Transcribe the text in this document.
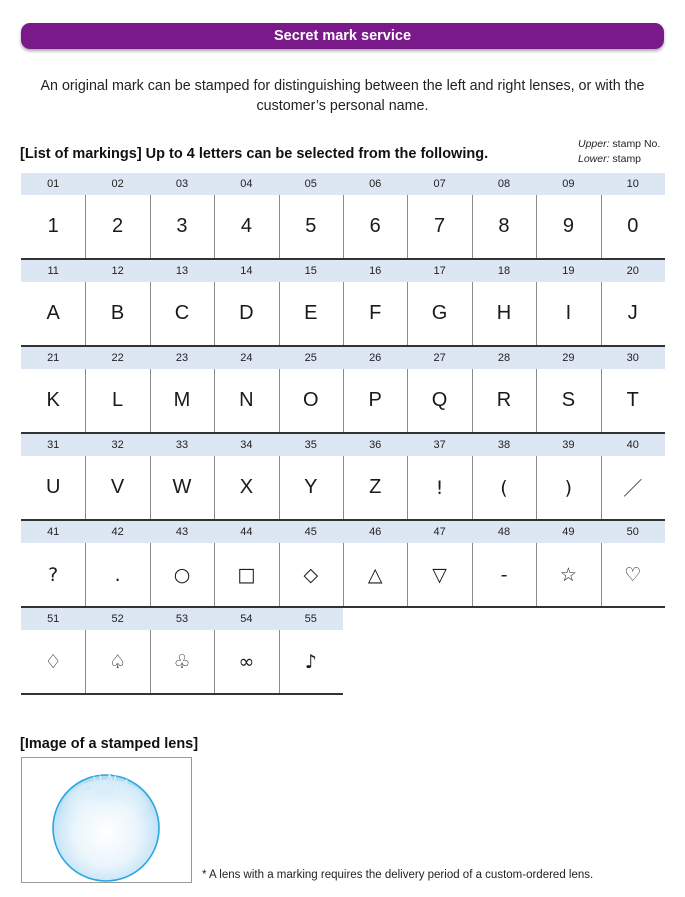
Secret mark service
An original mark can be stamped for distinguishing between the left and right lenses, or with the customer’s personal name.
[List of markings] Up to 4 letters can be selected from the following.
Upper: stamp No.
Lower: stamp
01
1
02
2
03
3
04
4
05
5
06
6
07
7
08
8
09
9
10
0
11
A
12
B
13
C
14
D
15
E
16
F
17
G
18
H
19
I
20
J
21
K
22
L
23
M
24
N
25
O
26
P
27
Q
28
R
29
S
30
T
31
U
32
V
33
W
34
X
35
Y
36
Z
37
!
38
(
39
)
40
／
41
?
42
.
43
○
44
□
45
◇
46
△
47
▽
48
-
49
☆
50
♡
51
♢
52
♤
53
♧
54
∞
55
♪
[Image of a stamped lens]
LUNA
* A lens with a marking requires the delivery period of a custom-ordered lens.
